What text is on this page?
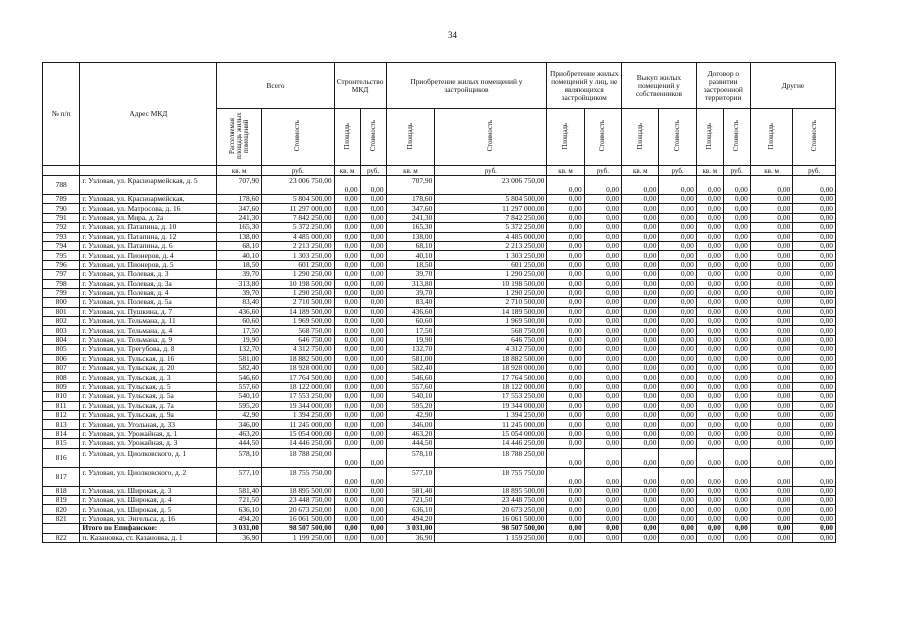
34
№ п/п	Адрес МКД	Всего		Строительство МКД		Приобретение жилых помещений у застройщиков		Приобретение жилых помещений у лиц, не являющихся застройщиком		Выкуп жилых помещений у собственников		Договор о развитии застроенной территории		Другие	
		Расселяемая площадь жилых помещений	Стоимость	Площадь	Стоимость	Площадь	Стоимость	Площадь	Стоимость	Площадь	Стоимость	Площадь	Стоимость	Площадь	Стоимость
		кв. м	руб.	кв. м	руб.	кв. м	руб.	кв. м	руб.	кв. м	руб.	кв. м	руб.	кв. м	руб.
788	г. Узловая, ул. Красноармейская, д. 5	707,90	23 006 750,00	0,00	0,00	707,90	23 006 750,00	0,00	0,00	0,00	0,00	0,00	0,00	0,00	0,00
789	г. Узловая, ул. Красноармейская,	178,60	5 804 500,00	0,00	0,00	178,60	5 804 500,00	0,00	0,00	0,00	0,00	0,00	0,00	0,00	0,00
790	г. Узловая, ул. Матросова, д. 16	347,60	11 297 000,00	0,00	0,00	347,60	11 297 000,00	0,00	0,00	0,00	0,00	0,00	0,00	0,00	0,00
791	г. Узловая, ул. Мира, д. 2а	241,30	7 842 250,00	0,00	0,00	241,30	7 842 250,00	0,00	0,00	0,00	0,00	0,00	0,00	0,00	0,00
792	г. Узловая, ул. Патапина, д. 10	165,30	5 372 250,00	0,00	0,00	165,30	5 372 250,00	0,00	0,00	0,00	0,00	0,00	0,00	0,00	0,00
793	г. Узловая, ул. Патапина, д. 12	138,00	4 485 000,00	0,00	0,00	138,00	4 485 000,00	0,00	0,00	0,00	0,00	0,00	0,00	0,00	0,00
794	г. Узловая, ул. Патапина, д. 6	68,10	2 213 250,00	0,00	0,00	68,10	2 213 250,00	0,00	0,00	0,00	0,00	0,00	0,00	0,00	0,00
795	г. Узловая, ул. Пионеров, д. 4	40,10	1 303 250,00	0,00	0,00	40,10	1 303 250,00	0,00	0,00	0,00	0,00	0,00	0,00	0,00	0,00
796	г. Узловая, ул. Пионеров, д. 5	18,50	601 250,00	0,00	0,00	18,50	601 250,00	0,00	0,00	0,00	0,00	0,00	0,00	0,00	0,00
797	г. Узловая, ул. Полевая, д. 3	39,70	1 290 250,00	0,00	0,00	39,70	1 290 250,00	0,00	0,00	0,00	0,00	0,00	0,00	0,00	0,00
798	г. Узловая, ул. Полевая, д. 3а	313,80	10 198 500,00	0,00	0,00	313,80	10 198 500,00	0,00	0,00	0,00	0,00	0,00	0,00	0,00	0,00
799	г. Узловая, ул. Полевая, д. 4	39,70	1 290 250,00	0,00	0,00	39,70	1 290 250,00	0,00	0,00	0,00	0,00	0,00	0,00	0,00	0,00
800	г. Узловая, ул. Полевая, д. 5а	83,40	2 710 500,00	0,00	0,00	83,40	2 710 500,00	0,00	0,00	0,00	0,00	0,00	0,00	0,00	0,00
801	г. Узловая, ул. Пушкина, д. 7	436,60	14 189 500,00	0,00	0,00	436,60	14 189 500,00	0,00	0,00	0,00	0,00	0,00	0,00	0,00	0,00
802	г. Узловая, ул. Тельмана, д. 11	60,60	1 969 500,00	0,00	0,00	60,60	1 969 500,00	0,00	0,00	0,00	0,00	0,00	0,00	0,00	0,00
803	г. Узловая, ул. Тельмана, д. 4	17,50	568 750,00	0,00	0,00	17,50	568 750,00	0,00	0,00	0,00	0,00	0,00	0,00	0,00	0,00
804	г. Узловая, ул. Тельмана, д. 9	19,90	646 750,00	0,00	0,00	19,90	646 750,00	0,00	0,00	0,00	0,00	0,00	0,00	0,00	0,00
805	г. Узловая, ул. Трегубова, д. 8	132,70	4 312 750,00	0,00	0,00	132,70	4 312 750,00	0,00	0,00	0,00	0,00	0,00	0,00	0,00	0,00
806	г. Узловая, ул. Тульская, д. 16	581,00	18 882 500,00	0,00	0,00	581,00	18 882 500,00	0,00	0,00	0,00	0,00	0,00	0,00	0,00	0,00
807	г. Узловая, ул. Тульская, д. 20	582,40	18 928 000,00	0,00	0,00	582,40	18 928 000,00	0,00	0,00	0,00	0,00	0,00	0,00	0,00	0,00
808	г. Узловая, ул. Тульская, д. 3	546,60	17 764 500,00	0,00	0,00	546,60	17 764 500,00	0,00	0,00	0,00	0,00	0,00	0,00	0,00	0,00
809	г. Узловая, ул. Тульская, д. 5	557,60	18 122 000,00	0,00	0,00	557,60	18 122 000,00	0,00	0,00	0,00	0,00	0,00	0,00	0,00	0,00
810	г. Узловая, ул. Тульская, д. 5а	540,10	17 553 250,00	0,00	0,00	540,10	17 553 250,00	0,00	0,00	0,00	0,00	0,00	0,00	0,00	0,00
811	г. Узловая, ул. Тульская, д. 7а	595,20	19 344 000,00	0,00	0,00	595,20	19 344 000,00	0,00	0,00	0,00	0,00	0,00	0,00	0,00	0,00
812	г. Узловая, ул. Тульская, д. 9а	42,90	1 394 250,00	0,00	0,00	42,90	1 394 250,00	0,00	0,00	0,00	0,00	0,00	0,00	0,00	0,00
813	г. Узловая, ул. Угольная, д. 33	346,00	11 245 000,00	0,00	0,00	346,00	11 245 000,00	0,00	0,00	0,00	0,00	0,00	0,00	0,00	0,00
814	г. Узловая, ул. Урожайная, д. 1	463,20	15 054 000,00	0,00	0,00	463,20	15 054 000,00	0,00	0,00	0,00	0,00	0,00	0,00	0,00	0,00
815	г. Узловая, ул. Урожайная, д. 3	444,50	14 446 250,00	0,00	0,00	444,50	14 446 250,00	0,00	0,00	0,00	0,00	0,00	0,00	0,00	0,00
816	г. Узловая, ул. Циолковского, д. 1	578,10	18 788 250,00	0,00	0,00	578,10	18 788 250,00	0,00	0,00	0,00	0,00	0,00	0,00	0,00	0,00
817	г. Узловая, ул. Циолковского, д. 2	577,10	18 755 750,00	0,00	0,00	577,10	18 755 750,00	0,00	0,00	0,00	0,00	0,00	0,00	0,00	0,00
818	г. Узловая, ул. Широкая, д. 3	581,40	18 895 500,00	0,00	0,00	581,40	18 895 500,00	0,00	0,00	0,00	0,00	0,00	0,00	0,00	0,00
819	г. Узловая, ул. Широкая, д. 4	721,50	23 448 750,00	0,00	0,00	721,50	23 448 750,00	0,00	0,00	0,00	0,00	0,00	0,00	0,00	0,00
820	г. Узловая, ул. Широкая, д. 5	636,10	20 673 250,00	0,00	0,00	636,10	20 673 250,00	0,00	0,00	0,00	0,00	0,00	0,00	0,00	0,00
821	г. Узловая, ул. Энгельса, д. 16	494,20	16 061 500,00	0,00	0,00	494,20	16 061 500,00	0,00	0,00	0,00	0,00	0,00	0,00	0,00	0,00
	Итого по Епифанское:	3 031,00	98 507 500,00	0,00	0,00	3 031,00	98 507 500,00	0,00	0,00	0,00	0,00	0,00	0,00	0,00	0,00
822	п. Казановка, ст. Казановка, д. 1	36,90	1 199 250,00	0,00	0,00	36,90	1 159 250,00	0,00	0,00	0,00	0,00	0,00	0,00	0,00	0,00
